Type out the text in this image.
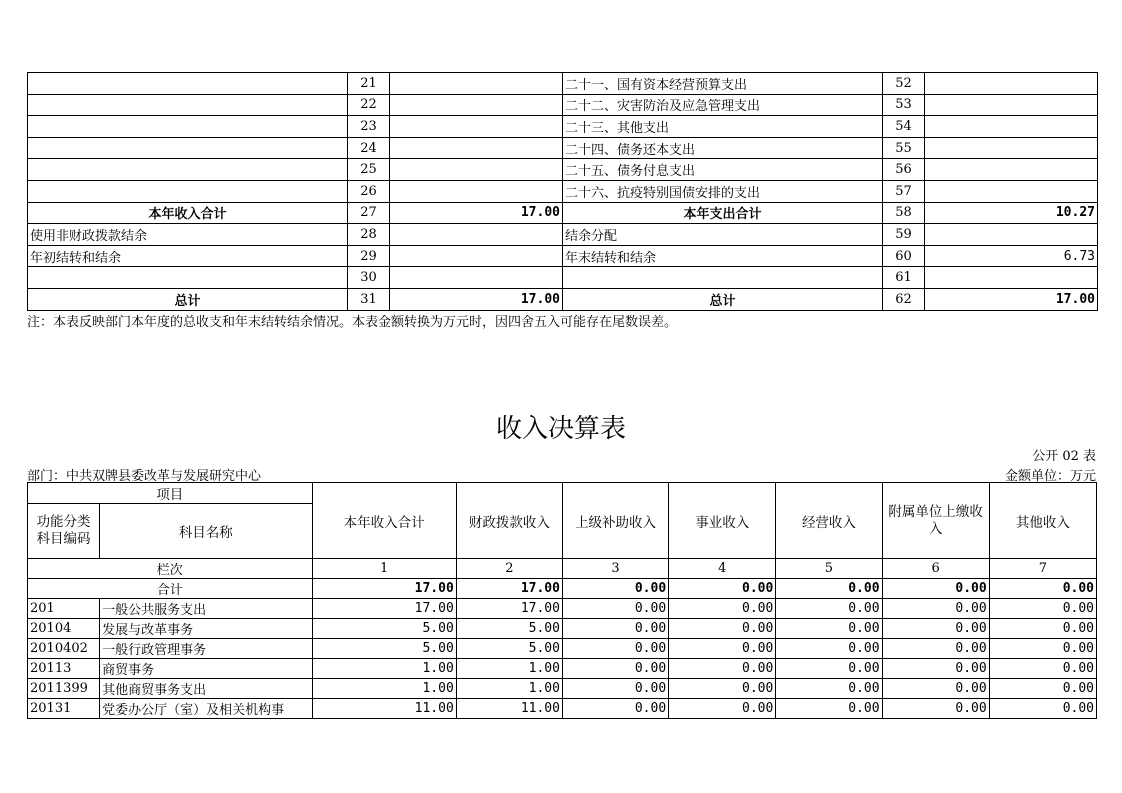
	21		二十一、国有资本经营预算支出	52	
	22		二十二、灾害防治及应急管理支出	53	
	23		二十三、其他支出	54	
	24		二十四、债务还本支出	55	
	25		二十五、债务付息支出	56	
	26		二十六、抗疫特别国债安排的支出	57	
本年收入合计	27	17.00	本年支出合计	58	10.27
使用非财政拨款结余	28		结余分配	59	
年初结转和结余	29		年末结转和结余	60	6.73
	30			61	
总计	31	17.00	总计	62	17.00
注：本表反映部门本年度的总收支和年末结转结余情况。本表金额转换为万元时，因四舍五入可能存在尾数误差。
收入决算表
公开 02 表
部门：中共双牌县委改革与发展研究中心	金额单位：万元
项目		本年收入合计	财政拨款收入	上级补助收入	事业收入	经营收入	附属单位上缴收入	其他收入
功能分类科目编码	科目名称							
栏次		1	2	3	4	5	6	7
合计		17.00	17.00	0.00	0.00	0.00	0.00	0.00
201	一般公共服务支出	17.00	17.00	0.00	0.00	0.00	0.00	0.00
20104	发展与改革事务	5.00	5.00	0.00	0.00	0.00	0.00	0.00
2010402	一般行政管理事务	5.00	5.00	0.00	0.00	0.00	0.00	0.00
20113	商贸事务	1.00	1.00	0.00	0.00	0.00	0.00	0.00
2011399	其他商贸事务支出	1.00	1.00	0.00	0.00	0.00	0.00	0.00
20131	党委办公厅（室）及相关机构事	11.00	11.00	0.00	0.00	0.00	0.00	0.00
